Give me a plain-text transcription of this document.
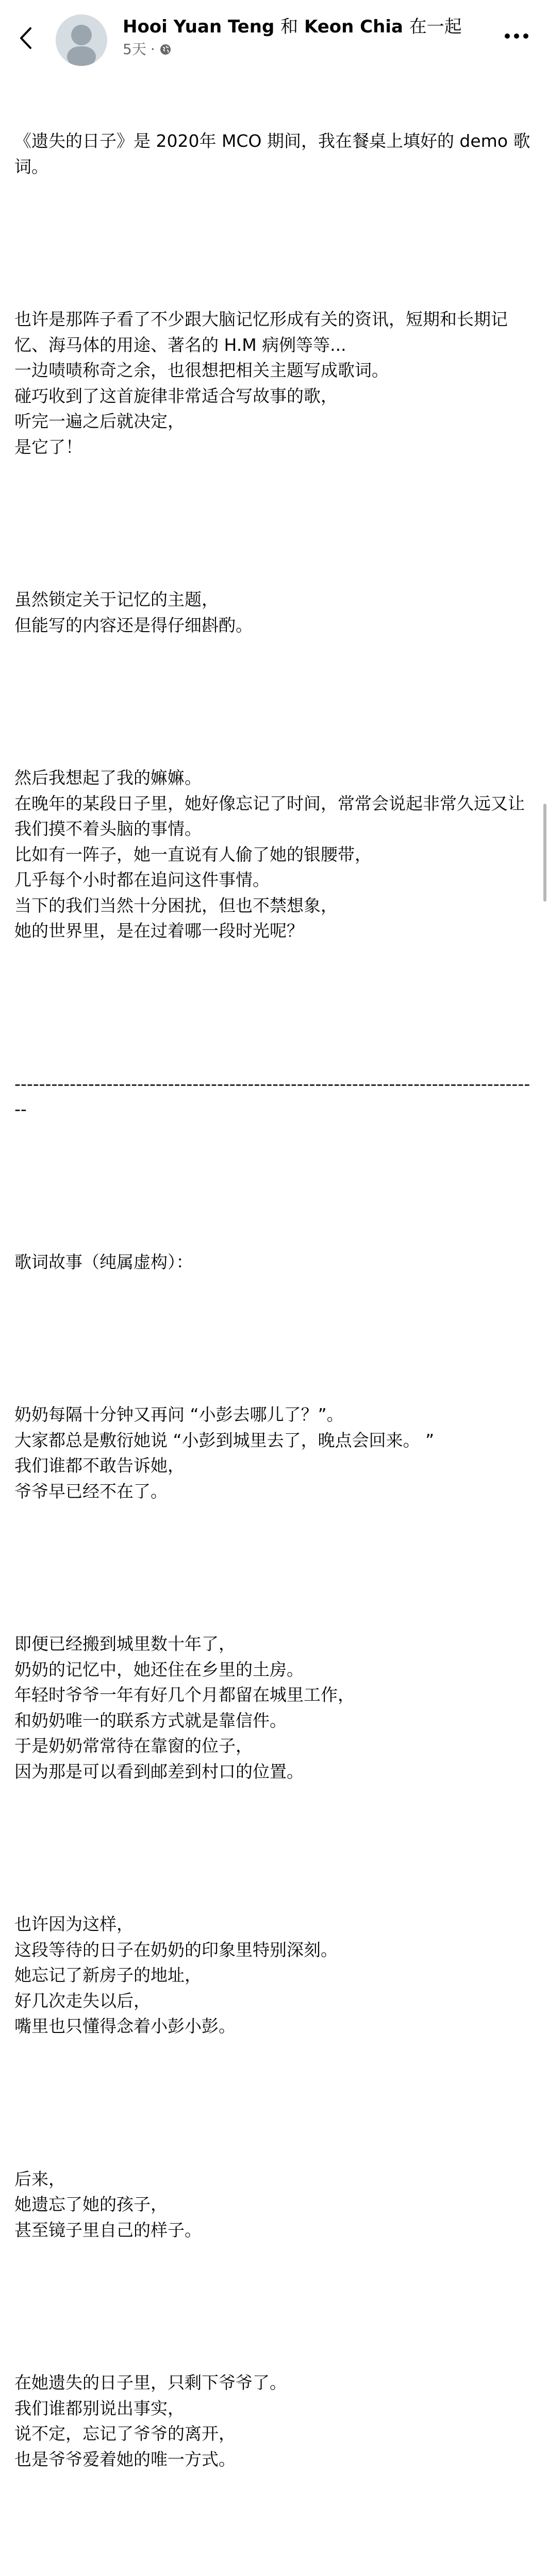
Hooi Yuan Teng 和 Keon Chia 在一起
5天 ·

《遗失的日子》是 2020年 MCO 期间，我在餐桌上填好的 demo 歌词。

也许是那阵子看了不少跟大脑记忆形成有关的资讯，短期和长期记忆、海马体的用途、著名的 H.M 病例等等...
一边啧啧称奇之余，也很想把相关主题写成歌词。
碰巧收到了这首旋律非常适合写故事的歌，
听完一遍之后就决定，
是它了！

虽然锁定关于记忆的主题，
但能写的内容还是得仔细斟酌。

然后我想起了我的嫲嫲。
在晚年的某段日子里，她好像忘记了时间，常常会说起非常久远又让我们摸不着头脑的事情。
比如有一阵子，她一直说有人偷了她的银腰带，
几乎每个小时都在追问这件事情。
当下的我们当然十分困扰，但也不禁想象，
她的世界里，是在过着哪一段时光呢？

--------------------------------------------------------------------------------------

歌词故事（纯属虚构）：

奶奶每隔十分钟又再问 “小彭去哪儿了？”。
大家都总是敷衍她说 “小彭到城里去了，晚点会回来。 ”
我们谁都不敢告诉她，
爷爷早已经不在了。

即便已经搬到城里数十年了，
奶奶的记忆中，她还住在乡里的土房。
年轻时爷爷一年有好几个月都留在城里工作，
和奶奶唯一的联系方式就是靠信件。
于是奶奶常常待在靠窗的位子，
因为那是可以看到邮差到村口的位置。

也许因为这样，
这段等待的日子在奶奶的印象里特别深刻。
她忘记了新房子的地址，
好几次走失以后，
嘴里也只懂得念着小彭小彭。

后来，
她遗忘了她的孩子，
甚至镜子里自己的样子。

在她遗失的日子里，只剩下爷爷了。
我们谁都别说出事实，
说不定，忘记了爷爷的离开，
也是爷爷爱着她的唯一方式。
